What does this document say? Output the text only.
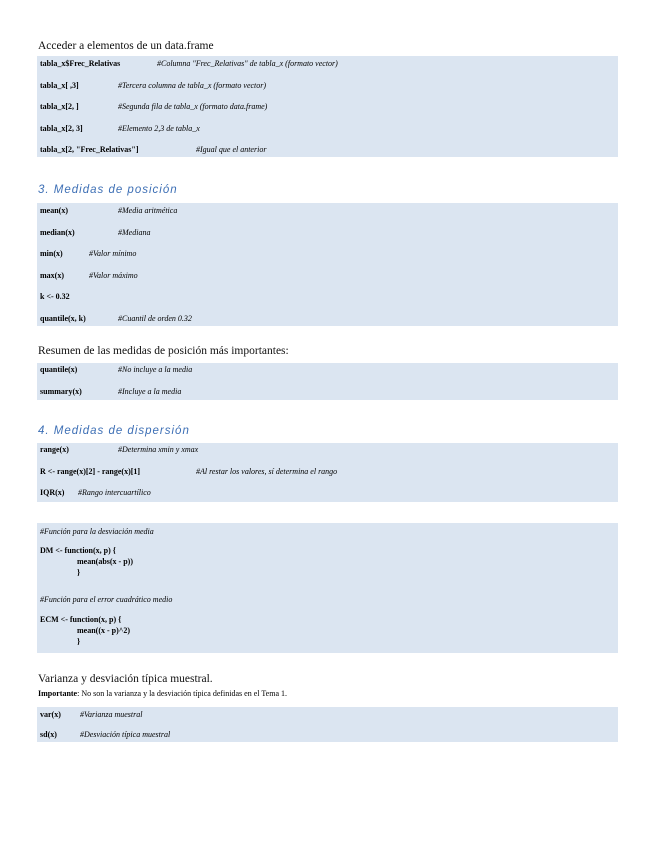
Acceder a elementos de un data.frame
tabla_x$Frec_Relativas	#Columna "Frec_Relativas" de tabla_x (formato vector)
tabla_x[ ,3]	#Tercera columna de tabla_x (formato vector)
tabla_x[2, ]	#Segunda fila de tabla_x (formato data.frame)
tabla_x[2, 3]	#Elemento 2,3 de tabla_x
tabla_x[2, "Frec_Relativas"]	#Igual que el anterior
3. Medidas de posición
mean(x)	#Media aritmética
median(x)	#Mediana
min(x)	#Valor mínimo
max(x)	#Valor máximo
k <- 0.32
quantile(x, k)	#Cuantil de orden 0.32
Resumen de las medidas de posición más importantes:
quantile(x)	#No incluye a la media
summary(x)	#Incluye a la media
4. Medidas de dispersión
range(x)	#Determina xmin y xmax
R <- range(x)[2] - range(x)[1]	#Al restar los valores, sí determina el rango
IQR(x) #Rango intercuartílico
#Función para la desviación media
DM <- function(x, p) {
mean(abs(x - p))
}
#Función para el error cuadrático medio
ECM <- function(x, p) {
mean((x - p)^2)
}
Varianza y desviación típica muestral.
Importante: No son la varianza y la desviación típica definidas en el Tema 1.
var(x) #Varianza muestral
sd(x)	#Desviación típica muestral
